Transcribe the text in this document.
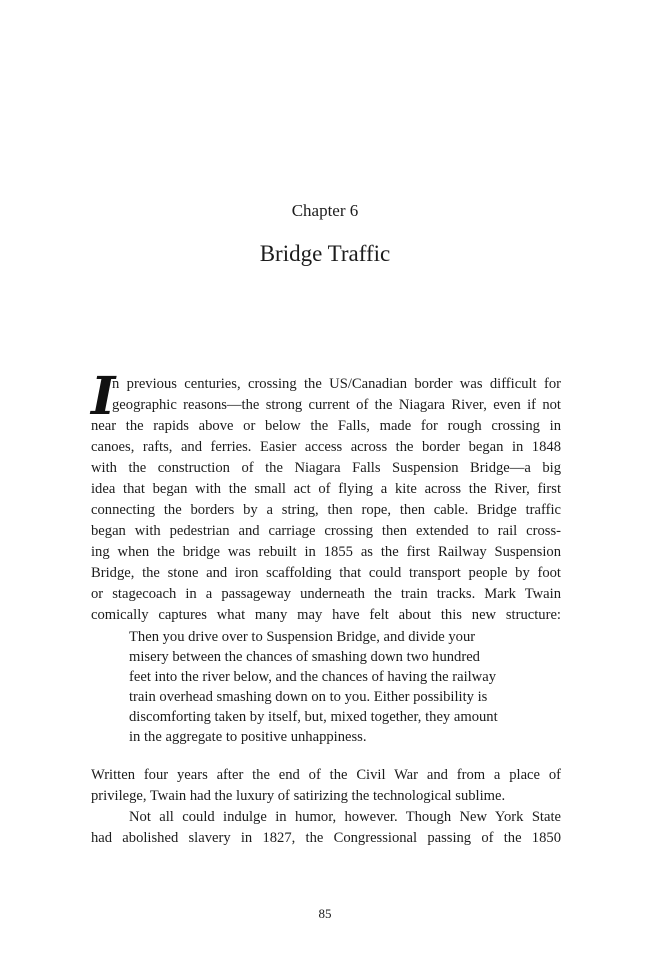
Chapter 6
Bridge Traffic
I
n previous centuries, crossing the US/Canadian border was difficult for
geographic reasons—the strong current of the Niagara River, even if not
near the rapids above or below the Falls, made for rough crossing in
canoes, rafts, and ferries. Easier access across the border began in 1848
with the construction of the Niagara Falls Suspension Bridge—a big
idea that began with the small act of flying a kite across the River, first
connecting the borders by a string, then rope, then cable. Bridge traffic
began with pedestrian and carriage crossing then extended to rail cross-
ing when the bridge was rebuilt in 1855 as the first Railway Suspension
Bridge, the stone and iron scaffolding that could transport people by foot
or stagecoach in a passageway underneath the train tracks. Mark Twain
comically captures what many may have felt about this new structure:
Then you drive over to Suspension Bridge, and divide your
misery between the chances of smashing down two hundred
feet into the river below, and the chances of having the railway
train overhead smashing down on to you. Either possibility is
discomforting taken by itself, but, mixed together, they amount
in the aggregate to positive unhappiness.
Written four years after the end of the Civil War and from a place of
privilege, Twain had the luxury of satirizing the technological sublime.
Not all could indulge in humor, however. Though New York State
had abolished slavery in 1827, the Congressional passing of the 1850
85
